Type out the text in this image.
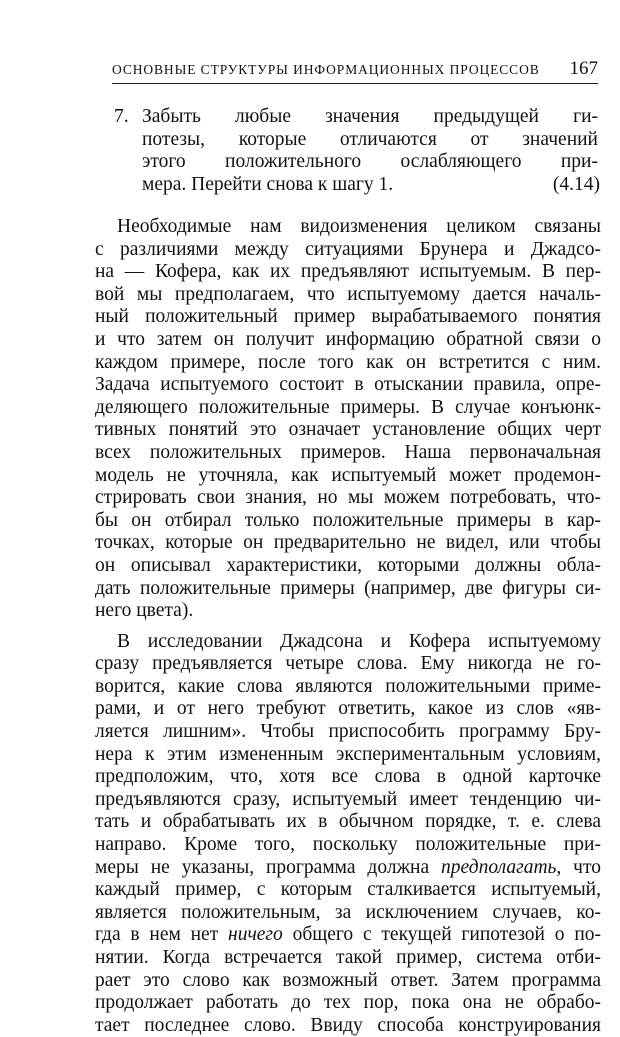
ОСНОВНЫЕ СТРУКТУРЫ ИНФОРМАЦИОННЫХ ПРОЦЕССОВ 167
7. Забыть любые значения предыдущей ги-
потезы, которые отличаются от значений
этого положительного ослабляющего при-
мера. Перейти снова к шагу 1.	(4.14)
Необходимые нам видоизменения целиком связаны
с различиями между ситуациями Брунера и Джадсо-
на — Кофера, как их предъявляют испытуемым. В пер-
вой мы предполагаем, что испытуемому дается началь-
ный положительный пример вырабатываемого понятия
и что затем он получит информацию обратной связи о
каждом примере, после того как он встретится с ним.
Задача испытуемого состоит в отыскании правила, опре-
деляющего положительные примеры. В случае конъюнк-
тивных понятий это означает установление общих черт
всех положительных примеров. Наша первоначальная
модель не уточняла, как испытуемый может продемон-
стрировать свои знания, но мы можем потребовать, что-
бы он отбирал только положительные примеры в кар-
точках, которые он предварительно не видел, или чтобы
он описывал характеристики, которыми должны обла-
дать положительные примеры (например, две фигуры си-
него цвета).
В исследовании Джадсона и Кофера испытуемому
сразу предъявляется четыре слова. Ему никогда не го-
ворится, какие слова являются положительными приме-
рами, и от него требуют ответить, какое из слов «яв-
ляется лишним». Чтобы приспособить программу Бру-
нера к этим измененным экспериментальным условиям,
предположим, что, хотя все слова в одной карточке
предъявляются сразу, испытуемый имеет тенденцию чи-
тать и обрабатывать их в обычном порядке, т. е. слева
направо. Кроме того, поскольку положительные при-
меры не указаны, программа должна предполагать, что
каждый пример, с которым сталкивается испытуемый,
является положительным, за исключением случаев, ко-
гда в нем нет ничего общего с текущей гипотезой о по-
нятии. Когда встречается такой пример, система отби-
рает это слово как возможный ответ. Затем программа
продолжает работать до тех пор, пока она не обрабо-
тает последнее слово. Ввиду способа конструирования
